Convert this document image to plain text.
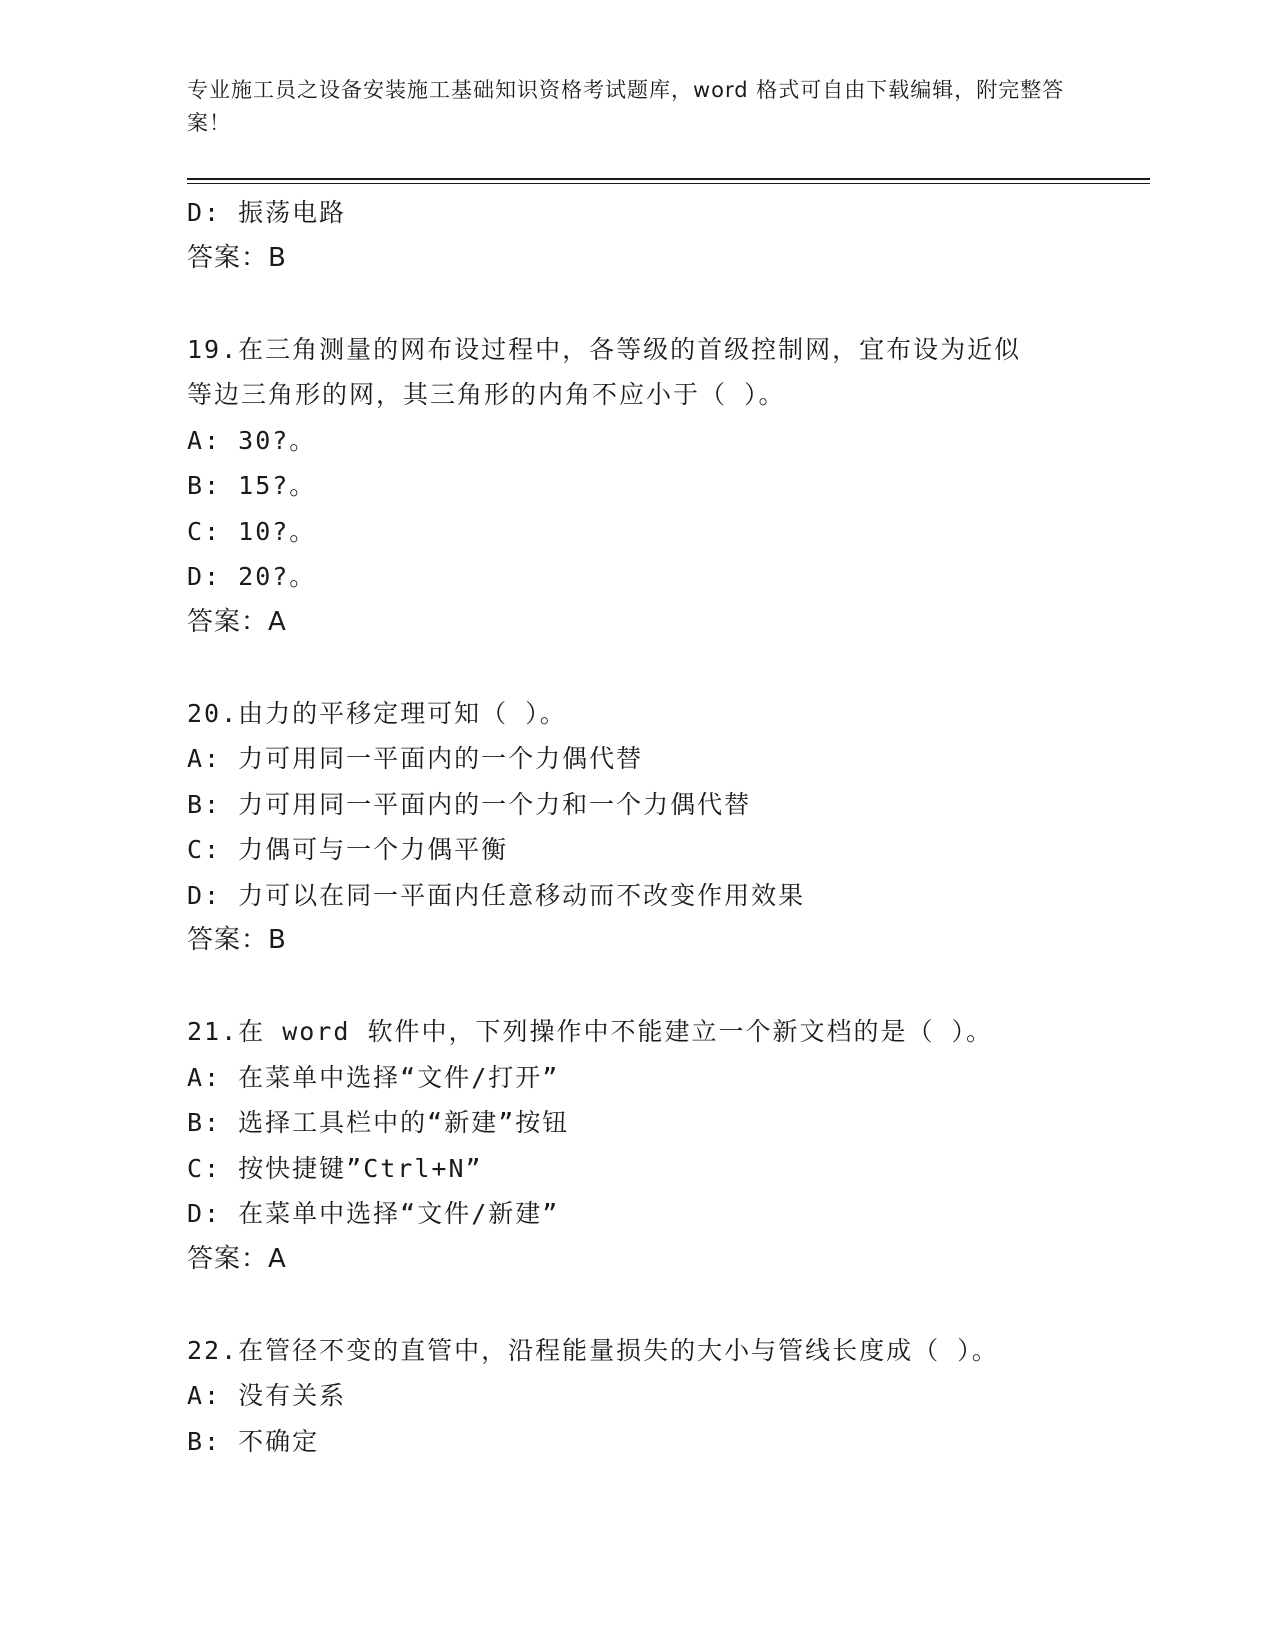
专业施工员之设备安装施工基础知识资格考试题库，word 格式可自由下载编辑，附完整答案！
D: 振荡电路
答案：B
19.在三角测量的网布设过程中，各等级的首级控制网，宜布设为近似
等边三角形的网，其三角形的内角不应小于（ ）。
A: 30?。
B: 15?。
C: 10?。
D: 20?。
答案：A
20.由力的平移定理可知（ ）。
A: 力可用同一平面内的一个力偶代替
B: 力可用同一平面内的一个力和一个力偶代替
C: 力偶可与一个力偶平衡
D: 力可以在同一平面内任意移动而不改变作用效果
答案：B
21.在 word 软件中，下列操作中不能建立一个新文档的是（ ）。
A: 在菜单中选择“文件/打开”
B: 选择工具栏中的“新建”按钮
C: 按快捷键”Ctrl+N”
D: 在菜单中选择“文件/新建”
答案：A
22.在管径不变的直管中，沿程能量损失的大小与管线长度成（ ）。
A: 没有关系
B: 不确定
